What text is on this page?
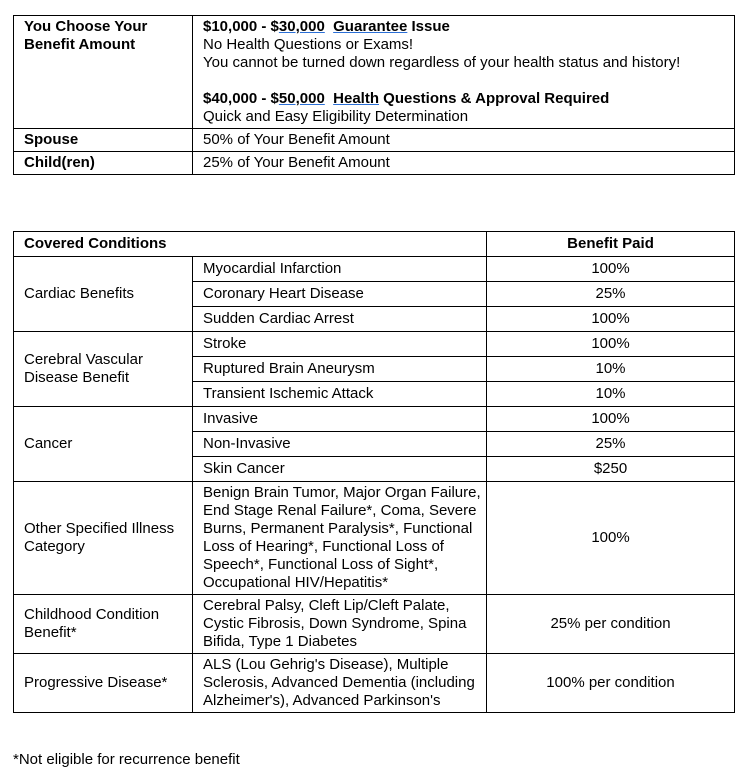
You Choose Your Benefit Amount	$10,000 - $30,000 Guarantee Issue
No Health Questions or Exams!
You cannot be turned down regardless of your health status and history!
$40,000 - $50,000 Health Questions & Approval Required
Quick and Easy Eligibility Determination

Spouse	50% of Your Benefit Amount
Child(ren)	25% of Your Benefit Amount
Covered Conditions		Benefit Paid
Cardiac Benefits	Myocardial Infarction	100%
	Coronary Heart Disease	25%
	Sudden Cardiac Arrest	100%
Cerebral Vascular Disease Benefit	Stroke	100%
	Ruptured Brain Aneurysm	10%
	Transient Ischemic Attack	10%
Cancer	Invasive	100%
	Non-Invasive	25%
	Skin Cancer	$250
Other Specified Illness Category	Benign Brain Tumor, Major Organ Failure, End Stage Renal Failure*, Coma, Severe Burns, Permanent Paralysis*, Functional Loss of Hearing*, Functional Loss of Speech*, Functional Loss of Sight*, Occupational HIV/Hepatitis*	100%
Childhood Condition Benefit*	Cerebral Palsy, Cleft Lip/Cleft Palate, Cystic Fibrosis, Down Syndrome, Spina Bifida, Type 1 Diabetes	25% per condition
Progressive Disease*	ALS (Lou Gehrig's Disease), Multiple Sclerosis, Advanced Dementia (including Alzheimer's), Advanced Parkinson's	100% per condition
*Not eligible for recurrence benefit
